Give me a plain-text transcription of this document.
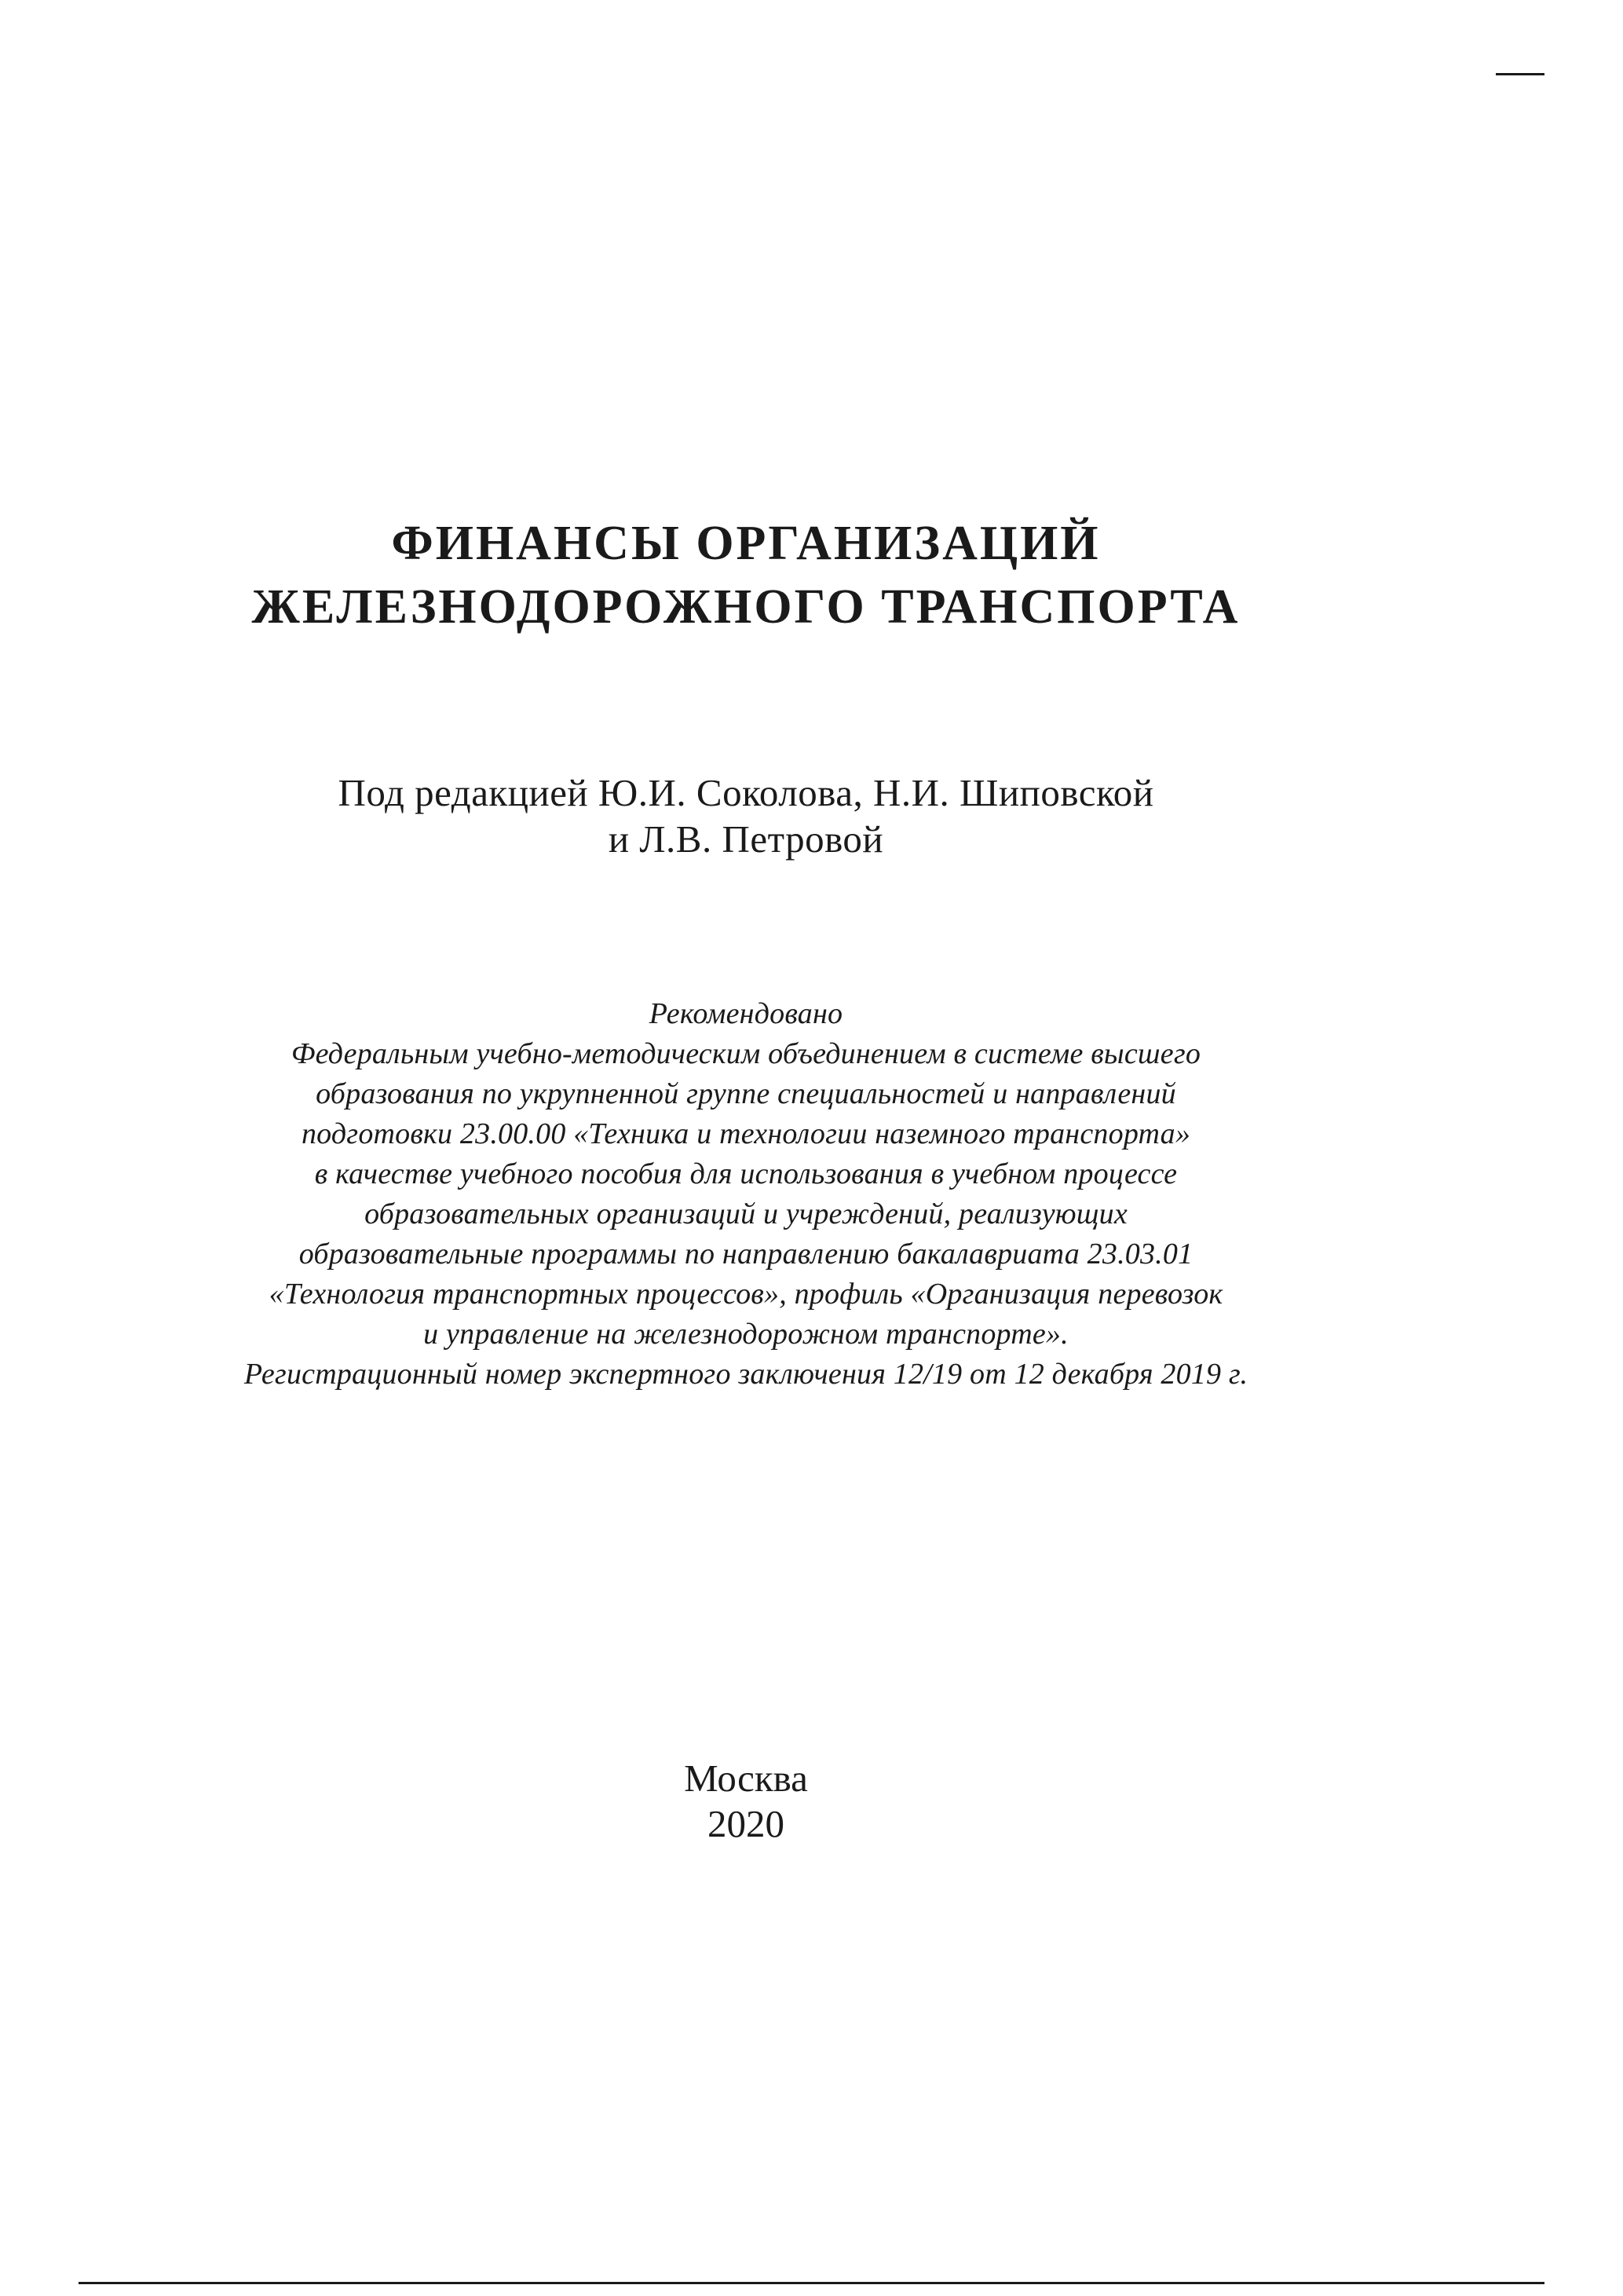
ФИНАНСЫ ОРГАНИЗАЦИЙ
ЖЕЛЕЗНОДОРОЖНОГО ТРАНСПОРТА
Под редакцией Ю.И. Соколова, Н.И. Шиповской
и Л.В. Петровой
Рекомендовано
Федеральным учебно-методическим объединением в системе высшего
образования по укрупненной группе специальностей и направлений
подготовки 23.00.00 «Техника и технологии наземного транспорта»
в качестве учебного пособия для использования в учебном процессе
образовательных организаций и учреждений, реализующих
образовательные программы по направлению бакалавриата 23.03.01
«Технология транспортных процессов», профиль «Организация перевозок
и управление на железнодорожном транспорте».
Регистрационный номер экспертного заключения 12/19 от 12 декабря 2019 г.
Москва
2020
